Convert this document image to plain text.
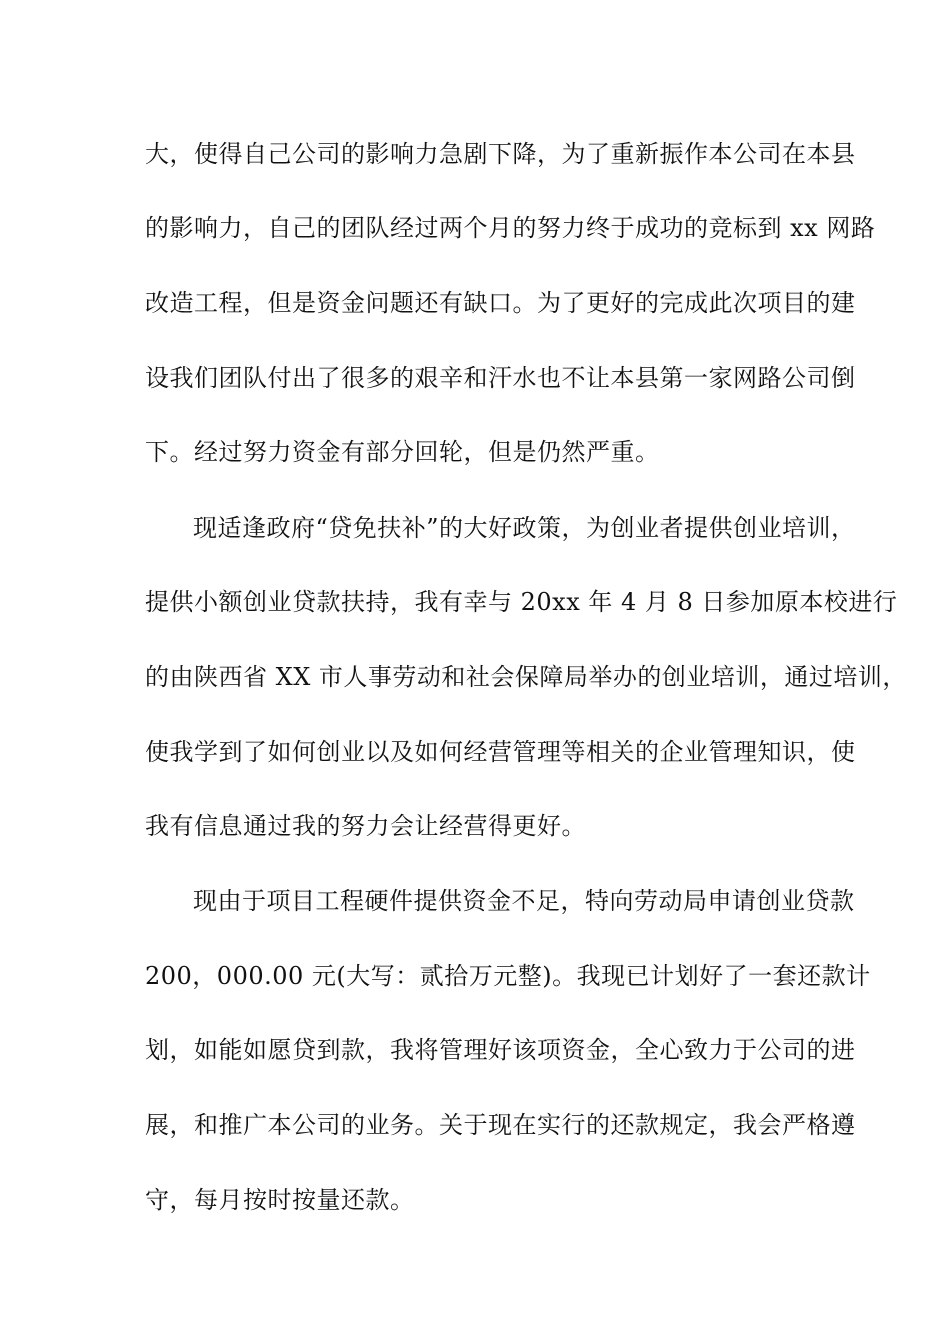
大，使得自己公司的影响力急剧下降，为了重新振作本公司在本县
的影响力，自己的团队经过两个月的努力终于成功的竞标到 xx 网路
改造工程，但是资金问题还有缺口。为了更好的完成此次项目的建
设我们团队付出了很多的艰辛和汗水也不让本县第一家网路公司倒
下。经过努力资金有部分回轮，但是仍然严重。
现适逢政府“贷免扶补”的大好政策，为创业者提供创业培训，
提供小额创业贷款扶持，我有幸与 20xx 年 4 月 8 日参加原本校进行
的由陕西省 XX 市人事劳动和社会保障局举办的创业培训，通过培训，
使我学到了如何创业以及如何经营管理等相关的企业管理知识，使
我有信息通过我的努力会让经营得更好。
现由于项目工程硬件提供资金不足，特向劳动局申请创业贷款
200，000.00 元(大写：贰拾万元整)。我现已计划好了一套还款计
划，如能如愿贷到款，我将管理好该项资金，全心致力于公司的进
展，和推广本公司的业务。关于现在实行的还款规定，我会严格遵
守，每月按时按量还款。
